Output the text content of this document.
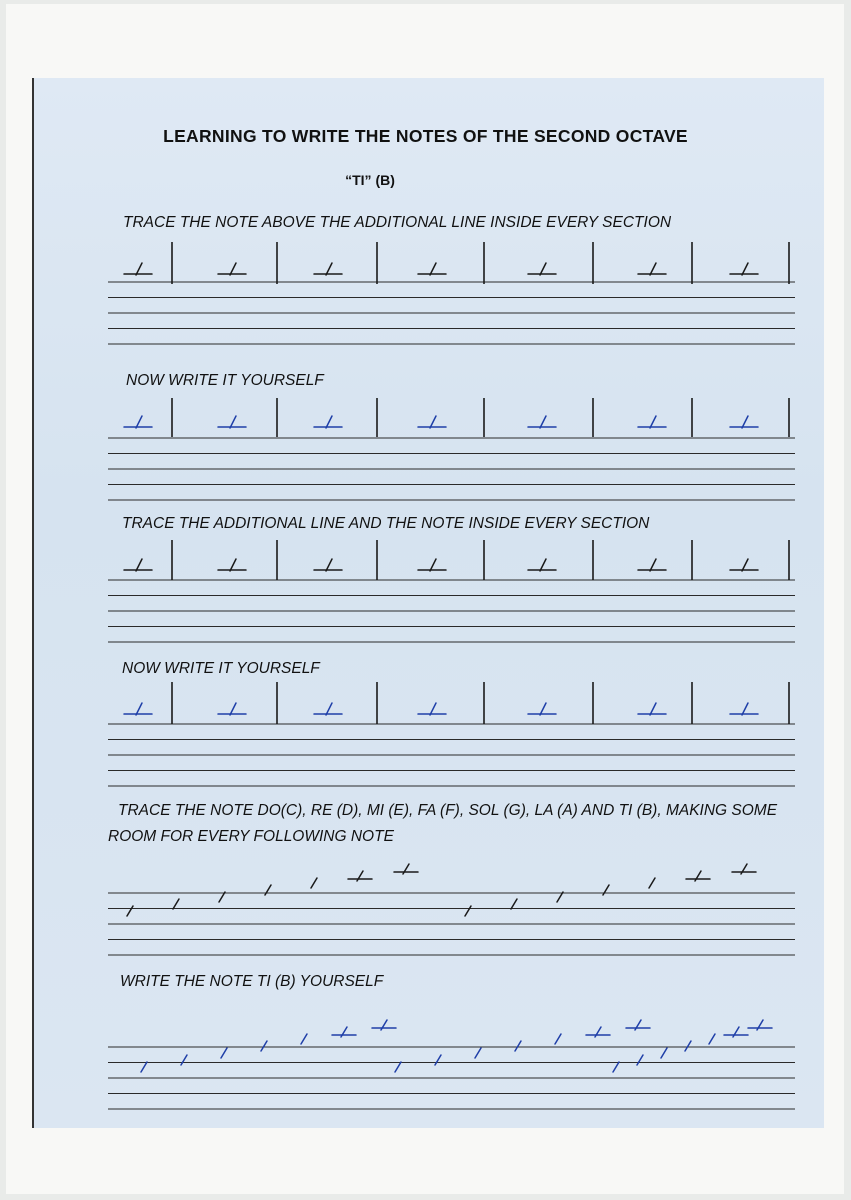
LEARNING TO WRITE THE NOTES OF THE SECOND OCTAVE
“TI” (B)
TRACE THE NOTE ABOVE THE ADDITIONAL LINE INSIDE EVERY SECTION
NOW WRITE IT YOURSELF
TRACE THE ADDITIONAL LINE AND THE NOTE INSIDE EVERY SECTION
NOW WRITE IT YOURSELF
TRACE THE NOTE DO(C), RE (D), MI (E), FA (F), SOL (G), LA (A) AND TI (B), MAKING SOME
ROOM FOR EVERY FOLLOWING NOTE
WRITE THE NOTE TI (B) YOURSELF
